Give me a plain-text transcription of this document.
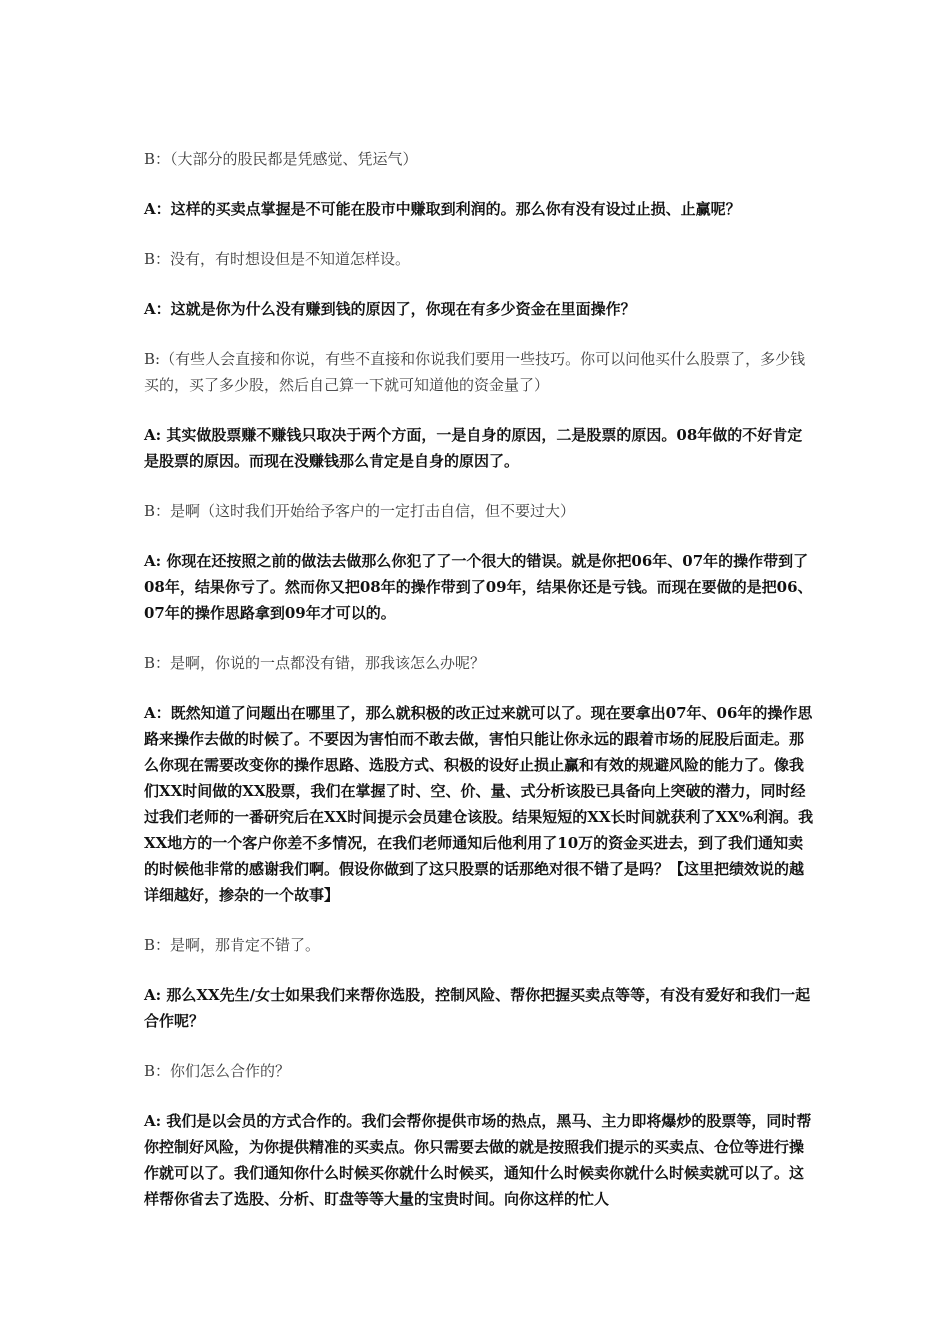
B：（大部分的股民都是凭感觉、凭运气）

A：这样的买卖点掌握是不可能在股市中赚取到利润的。那么你有没有设过止损、止赢呢？

B：没有，有时想设但是不知道怎样设。

A：这就是你为什么没有赚到钱的原因了，你现在有多少资金在里面操作？

B:（有些人会直接和你说，有些不直接和你说我们要用一些技巧。你可以问他买什么股票了，多少钱买的，买了多少股，然后自己算一下就可知道他的资金量了）

A: 其实做股票赚不赚钱只取决于两个方面，一是自身的原因，二是股票的原因。08年做的不好肯定是股票的原因。而现在没赚钱那么肯定是自身的原因了。

B：是啊（这时我们开始给予客户的一定打击自信，但不要过大）

A: 你现在还按照之前的做法去做那么你犯了了一个很大的错误。就是你把06年、07年的操作带到了08年，结果你亏了。然而你又把08年的操作带到了09年，结果你还是亏钱。而现在要做的是把06、07年的操作思路拿到09年才可以的。

B：是啊，你说的一点都没有错，那我该怎么办呢？

A：既然知道了问题出在哪里了，那么就积极的改正过来就可以了。现在要拿出07年、06年的操作思路来操作去做的时候了。不要因为害怕而不敢去做，害怕只能让你永远的跟着市场的屁股后面走。那么你现在需要改变你的操作思路、选股方式、积极的设好止损止赢和有效的规避风险的能力了。像我们XX时间做的XX股票，我们在掌握了时、空、价、量、式分析该股已具备向上突破的潜力，同时经过我们老师的一番研究后在XX时间提示会员建仓该股。结果短短的XX长时间就获利了XX%利润。我XX地方的一个客户你差不多情况，在我们老师通知后他利用了10万的资金买进去，到了我们通知卖的时候他非常的感谢我们啊。假设你做到了这只股票的话那绝对很不错了是吗？【这里把绩效说的越详细越好，掺杂的一个故事】

B：是啊，那肯定不错了。

A: 那么XX先生/女士如果我们来帮你选股，控制风险、帮你把握买卖点等等，有没有爱好和我们一起合作呢？

B：你们怎么合作的？

A: 我们是以会员的方式合作的。我们会帮你提供市场的热点，黑马、主力即将爆炒的股票等，同时帮你控制好风险，为你提供精准的买卖点。你只需要去做的就是按照我们提示的买卖点、仓位等进行操作就可以了。我们通知你什么时候买你就什么时候买，通知什么时候卖你就什么时候卖就可以了。这样帮你省去了选股、分析、盯盘等等大量的宝贵时间。向你这样的忙人
